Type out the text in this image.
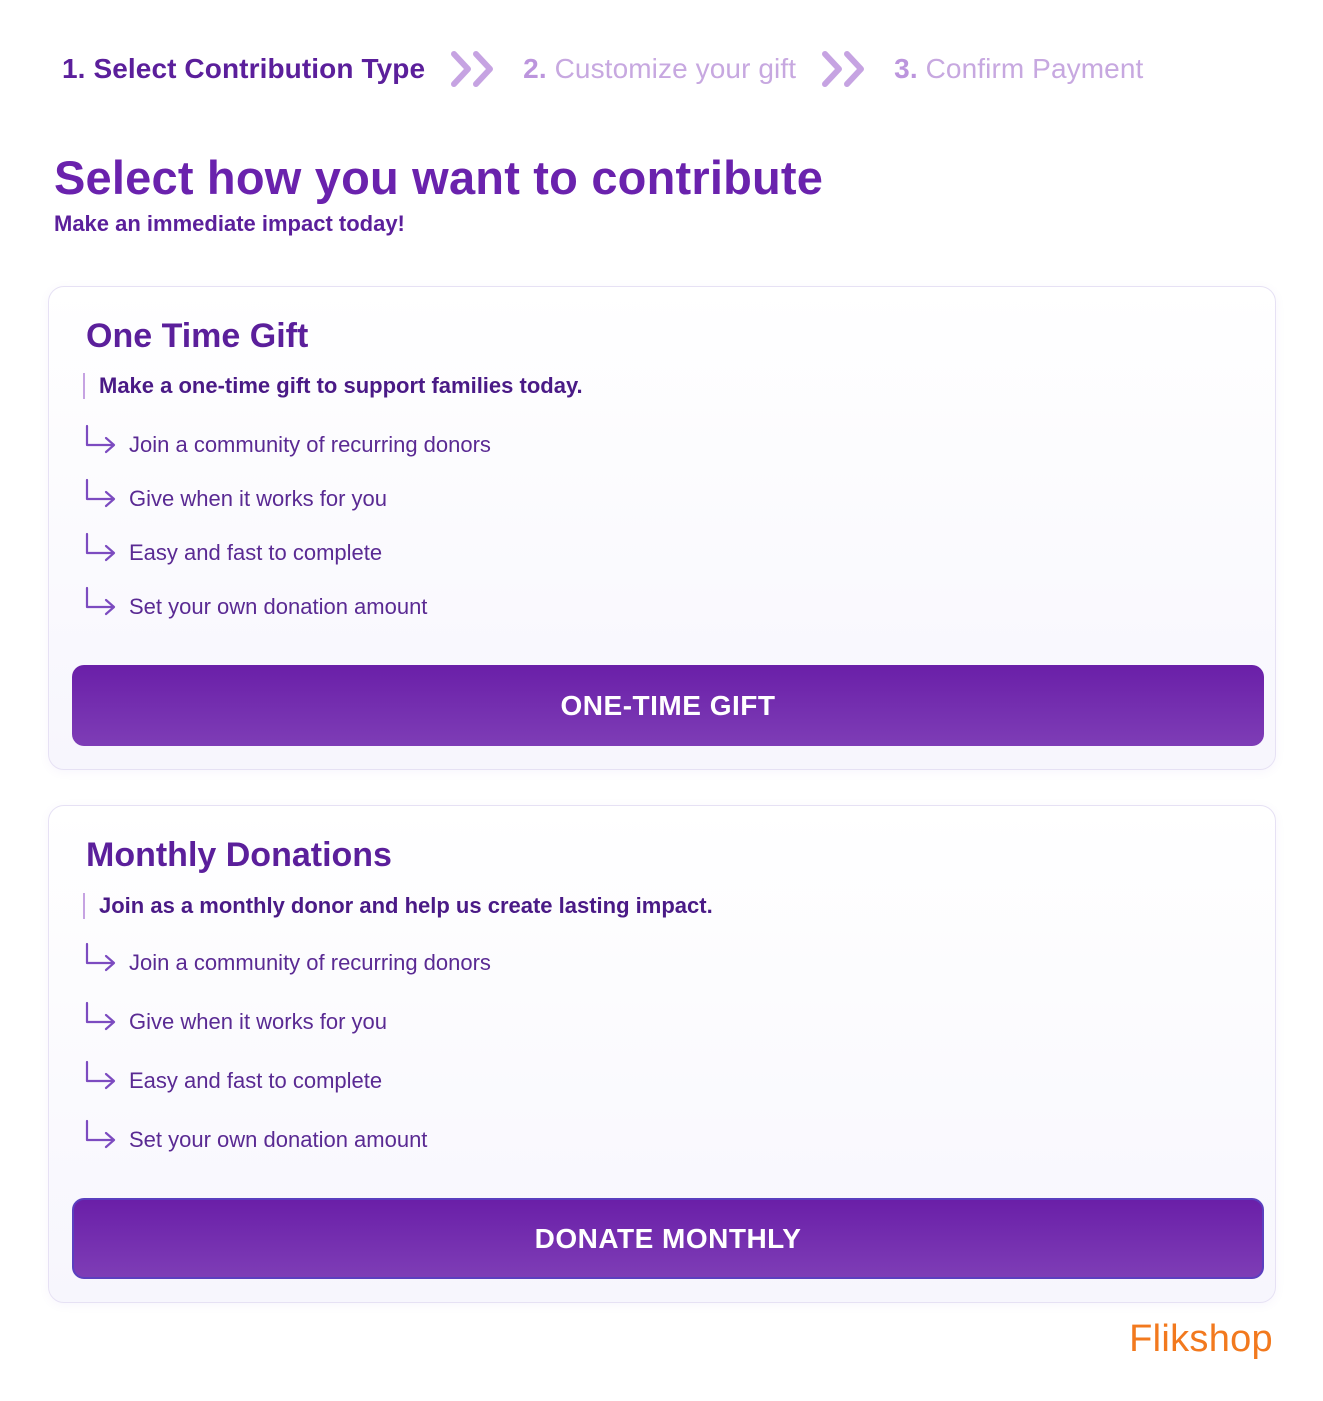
1. Select Contribution Type	2. Customize your gift	3. Confirm Payment
Select how you want to contribute

Make an immediate impact today!

One Time Gift

Make a one-time gift to support families today.

Join a community of recurring donors
Give when it works for you
Easy and fast to complete
Set your own donation amount
ONE-TIME GIFT
Monthly Donations

Join as a monthly donor and help us create lasting impact.

Join a community of recurring donors
Give when it works for you
Easy and fast to complete
Set your own donation amount
DONATE MONTHLY
Flikshop
